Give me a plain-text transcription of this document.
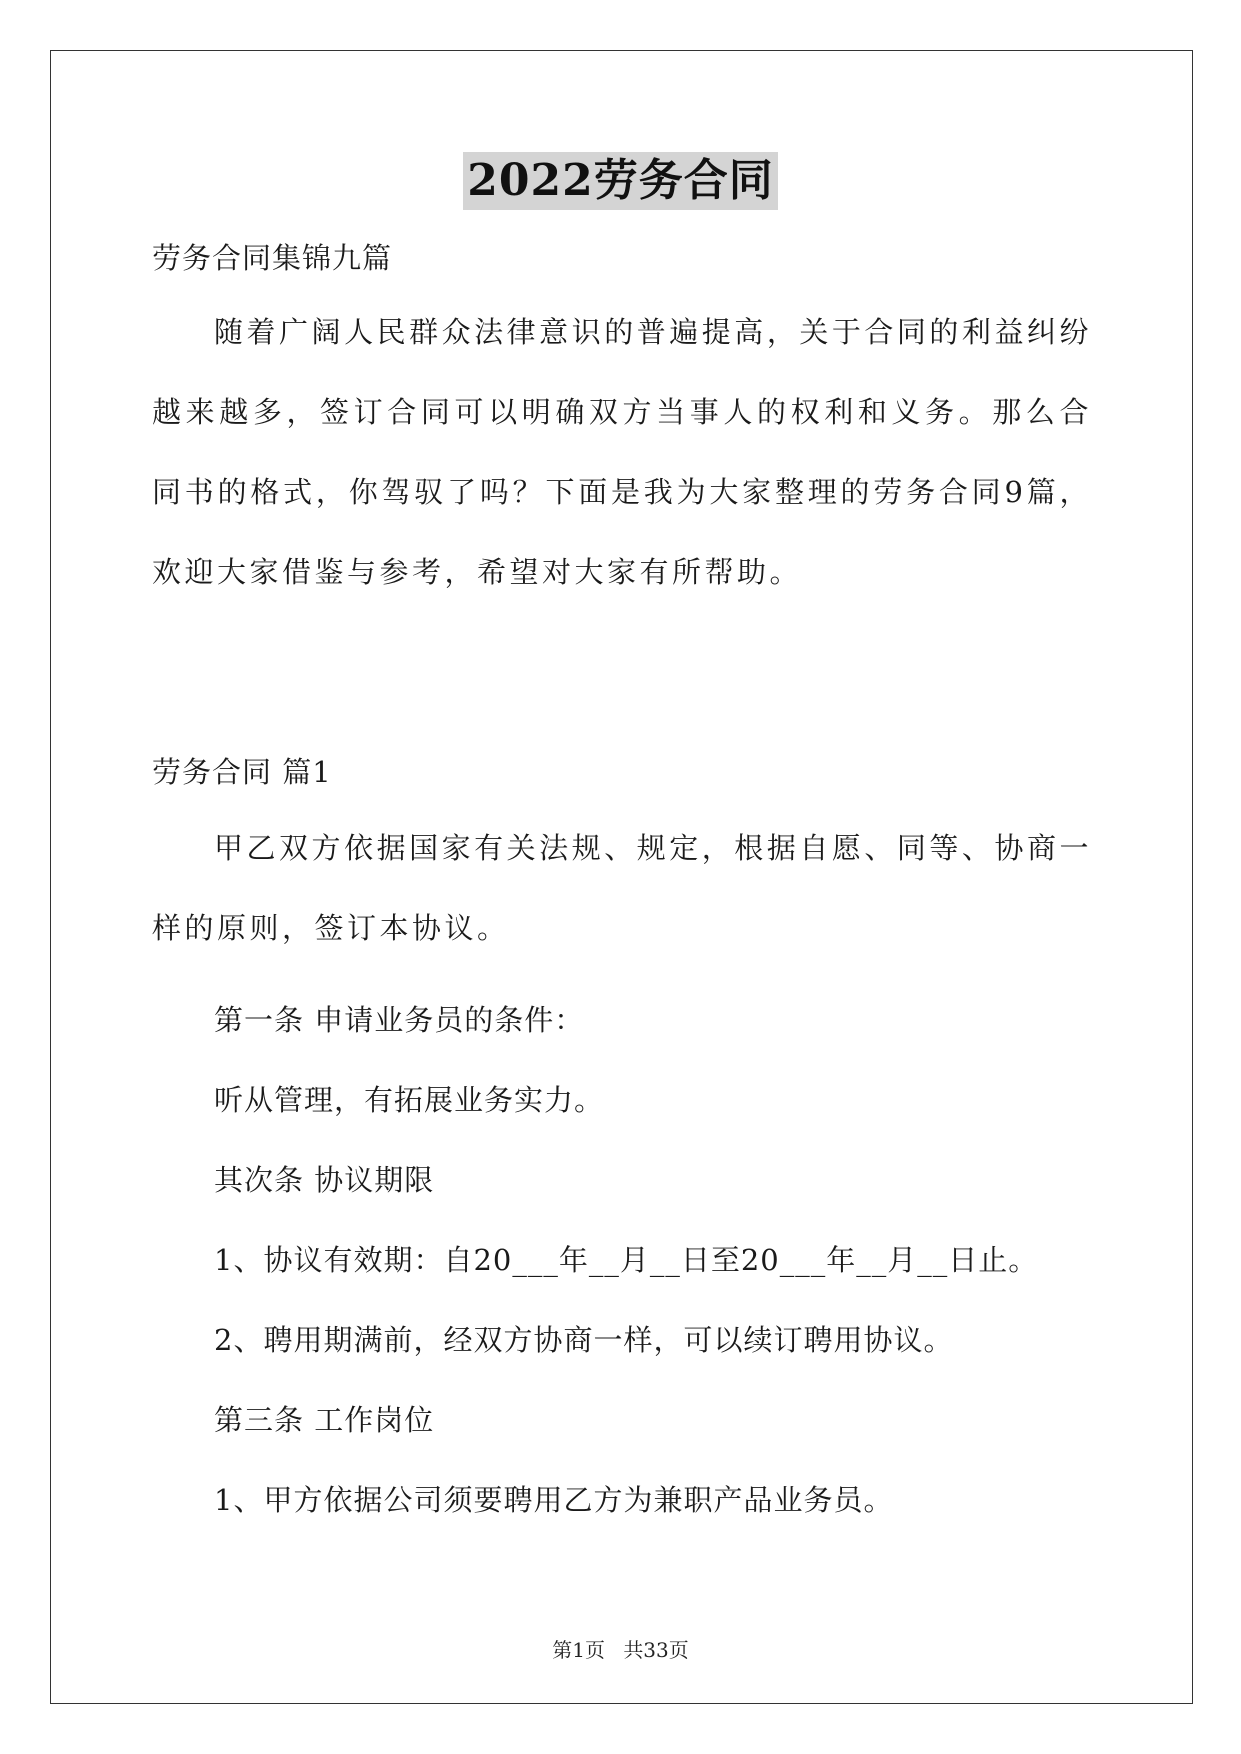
2022劳务合同
劳务合同集锦九篇

随着广阔人民群众法律意识的普遍提高，关于合同的利益纠纷越来越多，签订合同可以明确双方当事人的权利和义务。那么合同书的格式，你驾驭了吗？下面是我为大家整理的劳务合同9篇，欢迎大家借鉴与参考，希望对大家有所帮助。

劳务合同 篇1

甲乙双方依据国家有关法规、规定，根据自愿、同等、协商一样的原则，签订本协议。

第一条 申请业务员的条件：
听从管理，有拓展业务实力。
其次条 协议期限
1、协议有效期：自20___年__月__日至20___年__月__日止。
2、聘用期满前，经双方协商一样，可以续订聘用协议。
第三条 工作岗位
1、甲方依据公司须要聘用乙方为兼职产品业务员。
第1页 共33页
